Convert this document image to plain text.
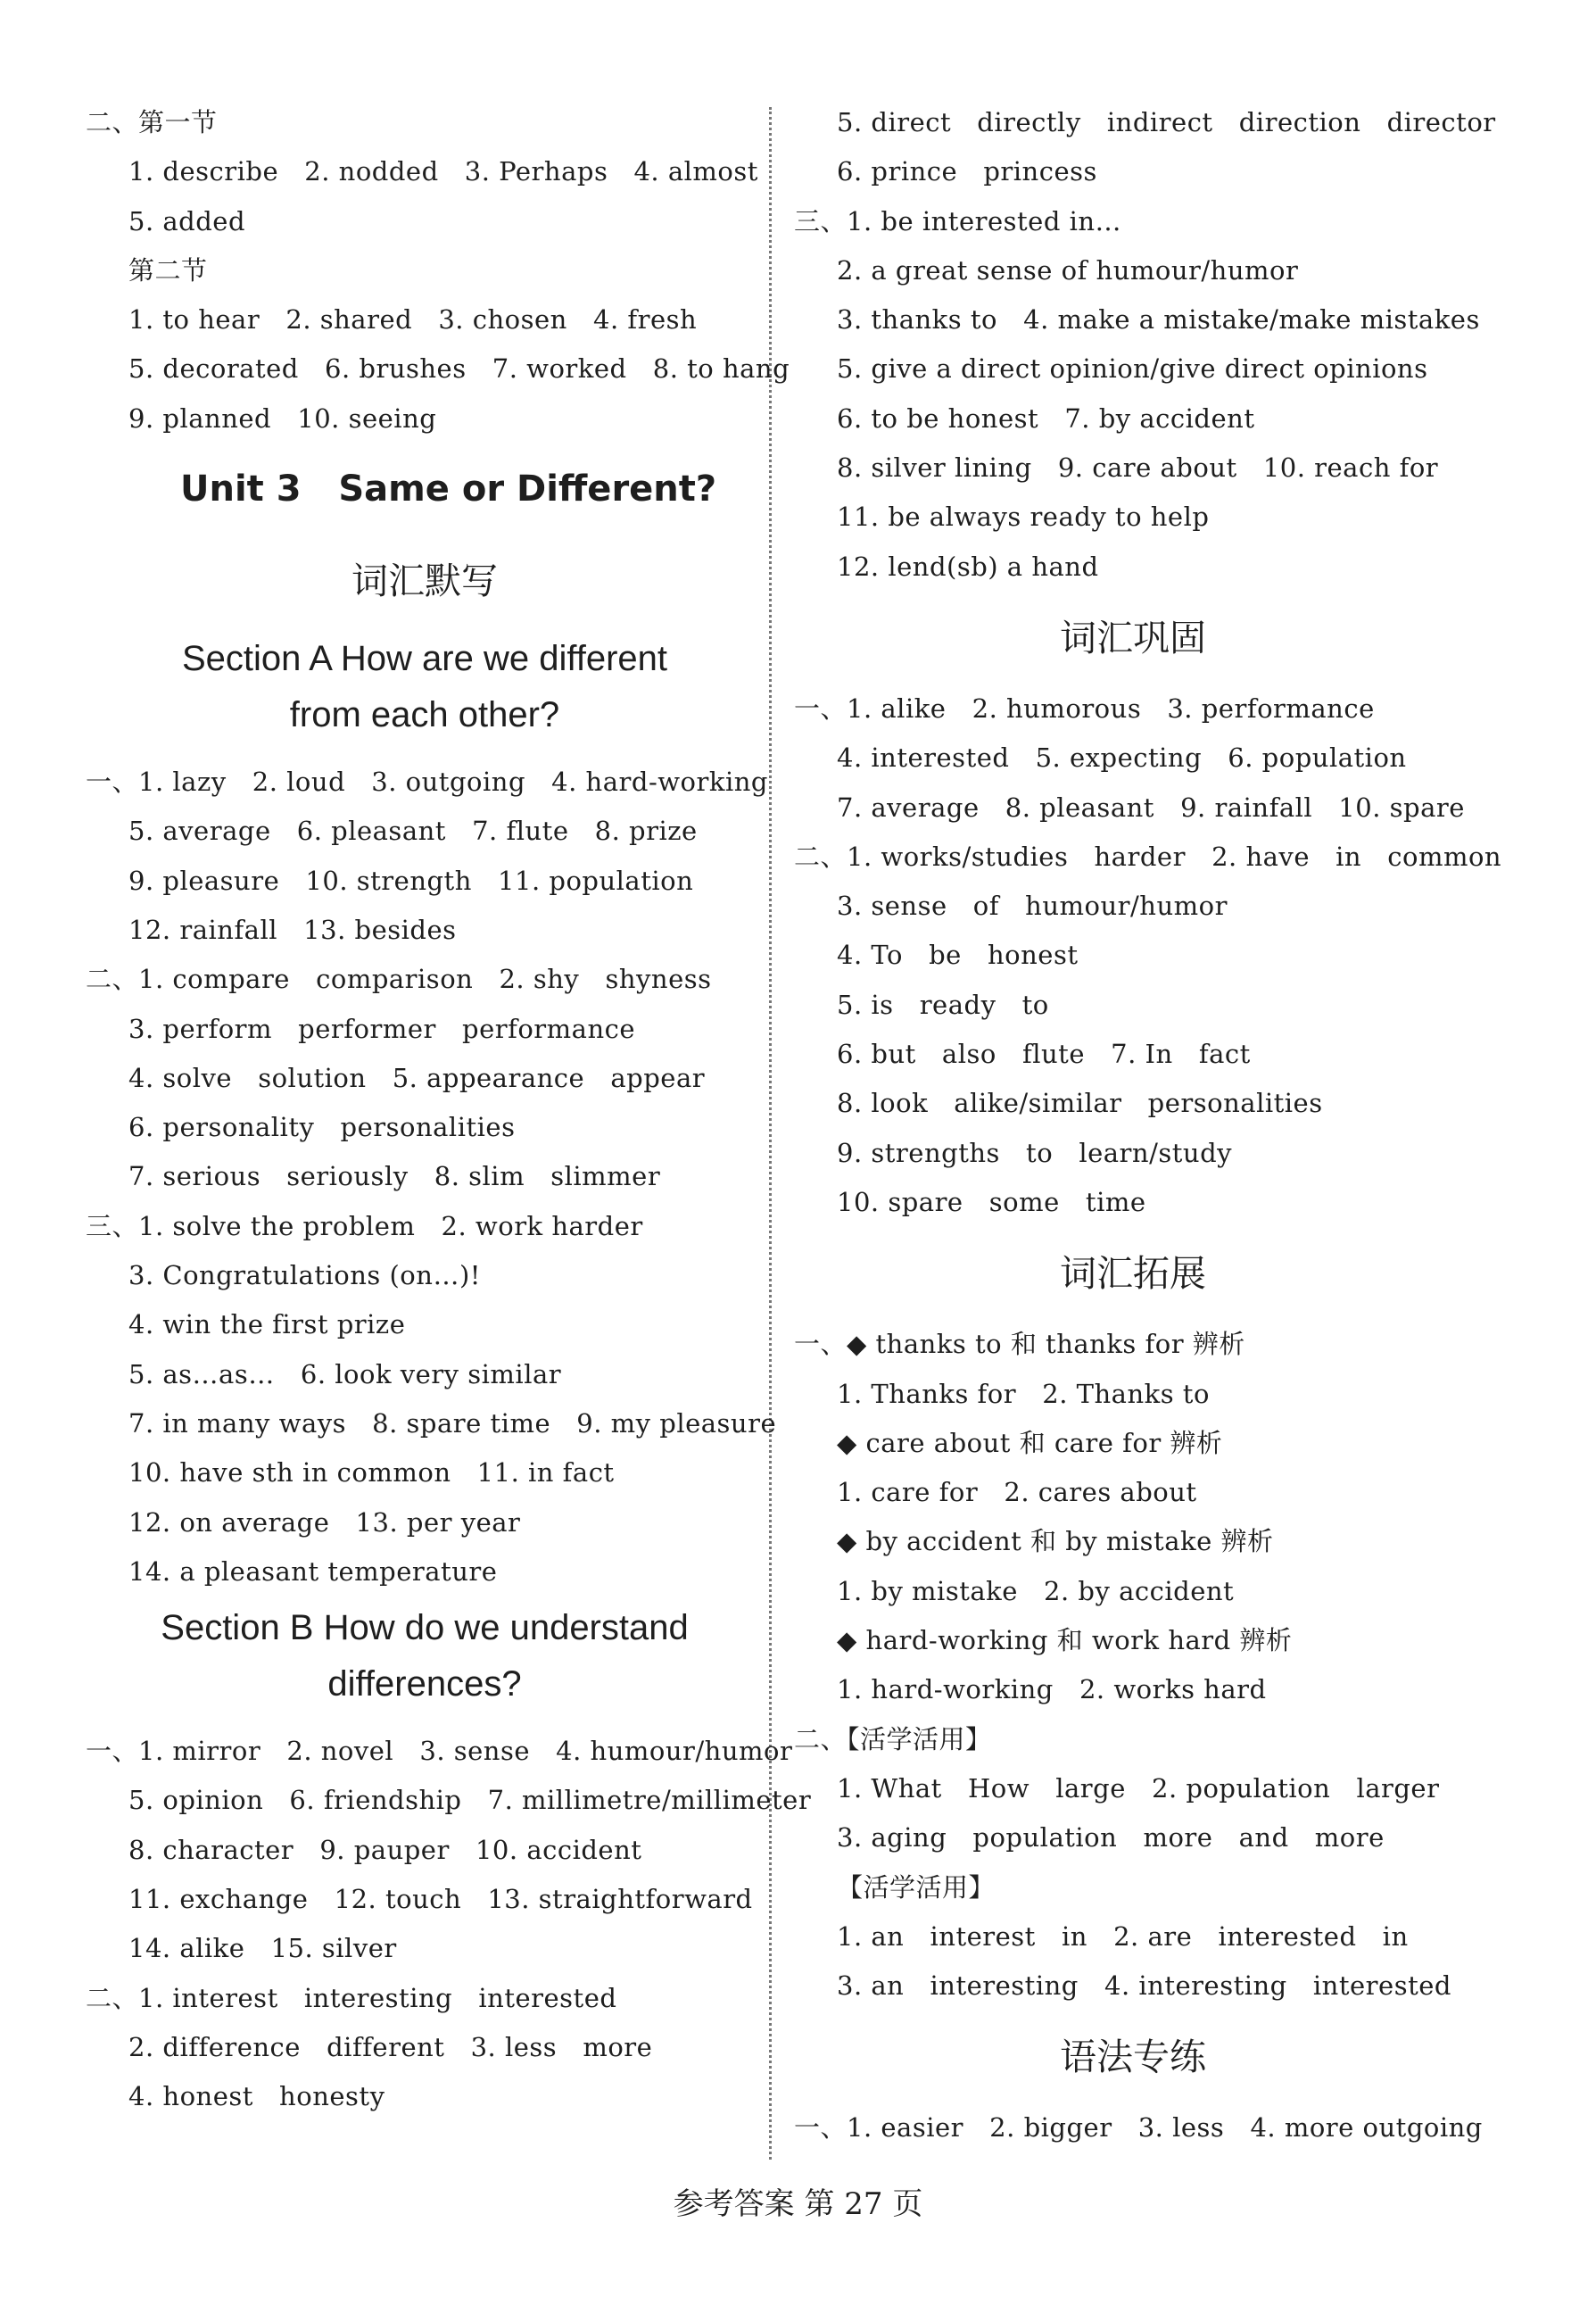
二、第一节
1. describe   2. nodded   3. Perhaps   4. almost
5. added
第二节
1. to hear   2. shared   3. chosen   4. fresh
5. decorated   6. brushes   7. worked   8. to hang
9. planned   10. seeing
Unit 3   Same or Different?
词汇默写
Section A How are we different
from each other?
一、1. lazy   2. loud   3. outgoing   4. hard-working
5. average   6. pleasant   7. flute   8. prize
9. pleasure   10. strength   11. population
12. rainfall   13. besides
二、1. compare   comparison   2. shy   shyness
3. perform   performer   performance
4. solve   solution   5. appearance   appear
6. personality   personalities
7. serious   seriously   8. slim   slimmer
三、1. solve the problem   2. work harder
3. Congratulations (on…)!
4. win the first prize
5. as…as…   6. look very similar
7. in many ways   8. spare time   9. my pleasure
10. have sth in common   11. in fact
12. on average   13. per year
14. a pleasant temperature
Section B How do we understand
differences?
一、1. mirror   2. novel   3. sense   4. humour/humor
5. opinion   6. friendship   7. millimetre/millimeter
8. character   9. pauper   10. accident
11. exchange   12. touch   13. straightforward
14. alike   15. silver
二、1. interest   interesting   interested
2. difference   different   3. less   more
4. honest   honesty
5. direct   directly   indirect   direction   director
6. prince   princess
三、1. be interested in…
2. a great sense of humour/humor
3. thanks to   4. make a mistake/make mistakes
5. give a direct opinion/give direct opinions
6. to be honest   7. by accident
8. silver lining   9. care about   10. reach for
11. be always ready to help
12. lend(sb) a hand
词汇巩固
一、1. alike   2. humorous   3. performance
4. interested   5. expecting   6. population
7. average   8. pleasant   9. rainfall   10. spare
二、1. works/studies   harder   2. have   in   common
3. sense   of   humour/humor
4. To   be   honest
5. is   ready   to
6. but   also   flute   7. In   fact
8. look   alike/similar   personalities
9. strengths   to   learn/study
10. spare   some   time
词汇拓展
一、◆ thanks to 和 thanks for 辨析
1. Thanks for   2. Thanks to
◆ care about 和 care for 辨析
1. care for   2. cares about
◆ by accident 和 by mistake 辨析
1. by mistake   2. by accident
◆ hard-working 和 work hard 辨析
1. hard-working   2. works hard
二、【活学活用】
1. What   How   large   2. population   larger
3. aging   population   more   and   more
【活学活用】
1. an   interest   in   2. are   interested   in
3. an   interesting   4. interesting   interested
语法专练
一、1. easier   2. bigger   3. less   4. more outgoing
参考答案 第 27 页
